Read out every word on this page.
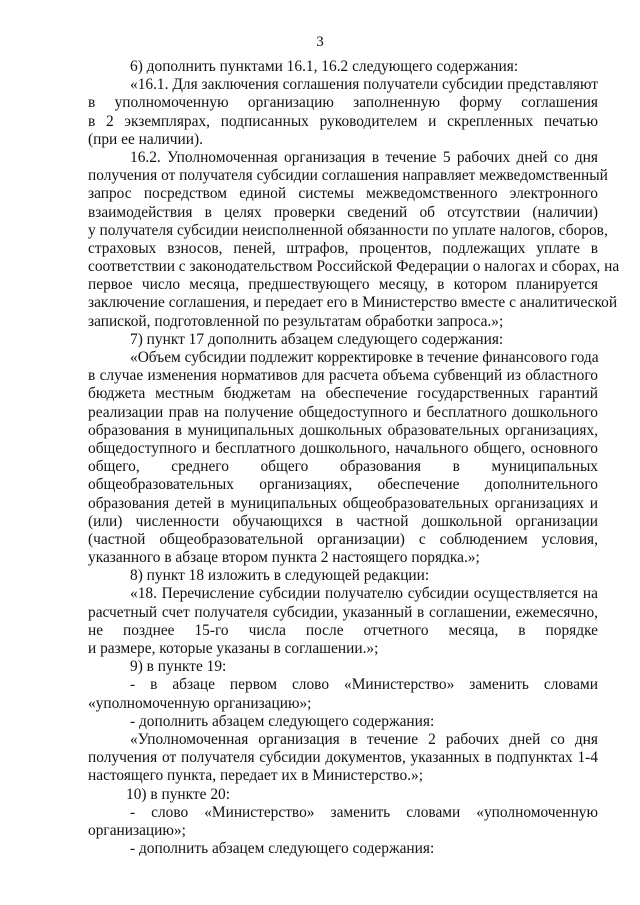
3
6) дополнить пунктами 16.1, 16.2 следующего содержания:
«16.1. Для заключения соглашения получатели субсидии представляют
в уполномоченную организацию заполненную форму соглашения
в 2 экземплярах, подписанных руководителем и скрепленных печатью
(при ее наличии).
16.2. Уполномоченная организация в течение 5 рабочих дней со дня
получения от получателя субсидии соглашения направляет межведомственный
запрос посредством единой системы межведомственного электронного
взаимодействия в целях проверки сведений об отсутствии (наличии)
у получателя субсидии неисполненной обязанности по уплате налогов, сборов,
страховых взносов, пеней, штрафов, процентов, подлежащих уплате в
соответствии с законодательством Российской Федерации о налогах и сборах, на
первое число месяца, предшествующего месяцу, в котором планируется
заключение соглашения, и передает его в Министерство вместе с аналитической
запиской, подготовленной по результатам обработки запроса.»;
7) пункт 17 дополнить абзацем следующего содержания:
«Объем субсидии подлежит корректировке в течение финансового года
в случае изменения нормативов для расчета объема субвенций из областного
бюджета местным бюджетам на обеспечение государственных гарантий
реализации прав на получение общедоступного и бесплатного дошкольного
образования в муниципальных дошкольных образовательных организациях,
общедоступного и бесплатного дошкольного, начального общего, основного
общего, среднего общего образования в муниципальных
общеобразовательных организациях, обеспечение дополнительного
образования детей в муниципальных общеобразовательных организациях и
(или) численности обучающихся в частной дошкольной организации
(частной общеобразовательной организации) с соблюдением условия,
указанного в абзаце втором пункта 2 настоящего порядка.»;
8) пункт 18 изложить в следующей редакции:
«18. Перечисление субсидии получателю субсидии осуществляется на
расчетный счет получателя субсидии, указанный в соглашении, ежемесячно,
не позднее 15-го числа после отчетного месяца, в порядке
и размере, которые указаны в соглашении.»;
9) в пункте 19:
- в абзаце первом слово «Министерство» заменить словами
«уполномоченную организацию»;
- дополнить абзацем следующего содержания:
«Уполномоченная организация в течение 2 рабочих дней со дня
получения от получателя субсидии документов, указанных в подпунктах 1-4
настоящего пункта, передает их в Министерство.»;
10) в пункте 20:
- слово «Министерство» заменить словами «уполномоченную
организацию»;
- дополнить абзацем следующего содержания:
